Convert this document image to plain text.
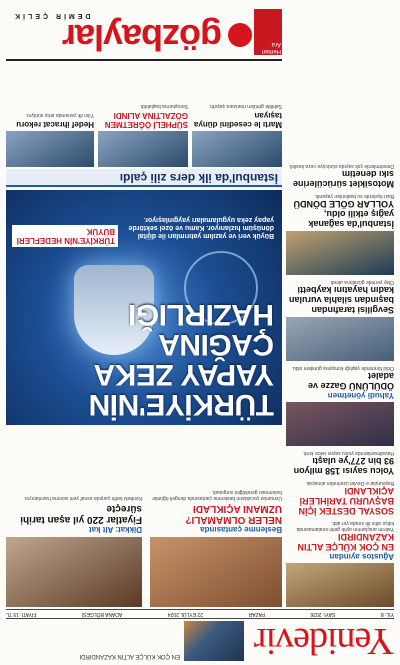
Yenidevir
EN ÇOK KÜLÇE ALTIN KAZANDIRDI
YIL: 8
SAYI: 2026
PAZAR
22 EYLÜL 2024
ADANA BÖLGESİ
FİYATI: 15 TL
Ağustos ayından
EN ÇOK KÜLÇE ALTIN KAZANDIRDI
Yatırım araçlarının aylık getiri sıralamasında külçe altın ilk sırada yer aldı.
SOSYAL DESTEK İÇİN BAŞVURU TARİHLERİ AÇIKLANDI
Başvurular e-Devlet üzerinden alınacak.
Yolcu sayısı 158 milyon 93 bin 277'ye ulaştı
Havalimanlarında yolcu sayısı rekor kırdı.
Yahudi yönetmen
ÖDÜLÜNÜ Gazze ve adalet
Ödül töreninde yaptığı konuşma gündem oldu.
Sevgilisi tarafından başından silahla vurulan kadın hayatını kaybetti
Olay yerinde gözaltına alındı.
İstanbul'da sağanak yağış etkili oldu, YOLLAR GÖLE DÖNDÜ
Bazı ilçelerde su baskınları yaşandı.
Motosiklet sürücülerine sıkı denetim
Denetimlerde çok sayıda sürücüye ceza kesildi.
Beslenme çantasında
NELER OLMAMALI? UZMANI AÇIKLADI
Uzmanlar çocukların beslenme çantasında dengeli öğünler bulunması gerektiğini vurguladı.
Dikkat: Alt kat
Fiyatlar 220 yıl aşan tarihi süreçte
Kentteki tarihi çarşıda esnaf yeni sezona hazırlanıyor.
TÜRKİYE'NİN YAPAY ZEKA ÇAĞINA HAZIRLIĞI
Büyük veri ve yazılım yatırımları ile dijital dönüşüm hızlanıyor. Kamu ve özel sektörde yapay zeka uygulamaları yaygınlaşıyor.
TÜRKİYE'NİN HEDEFLERİ BÜYÜK
İstanbul'da ilk ders zili çaldı
Martı le cesedini dünya taşıyan
Sahilde görülen manzara şaşırttı.
SÜPHELİ ÖĞRETMEN GÖZALTINA ALINDI
Soruşturma başlatıldı.
Hedef ihracat rekoru
Yılın ilk yarısında artış sürüyor.
Hemen Ara
gözbaylar
DEMİR ÇELİK
